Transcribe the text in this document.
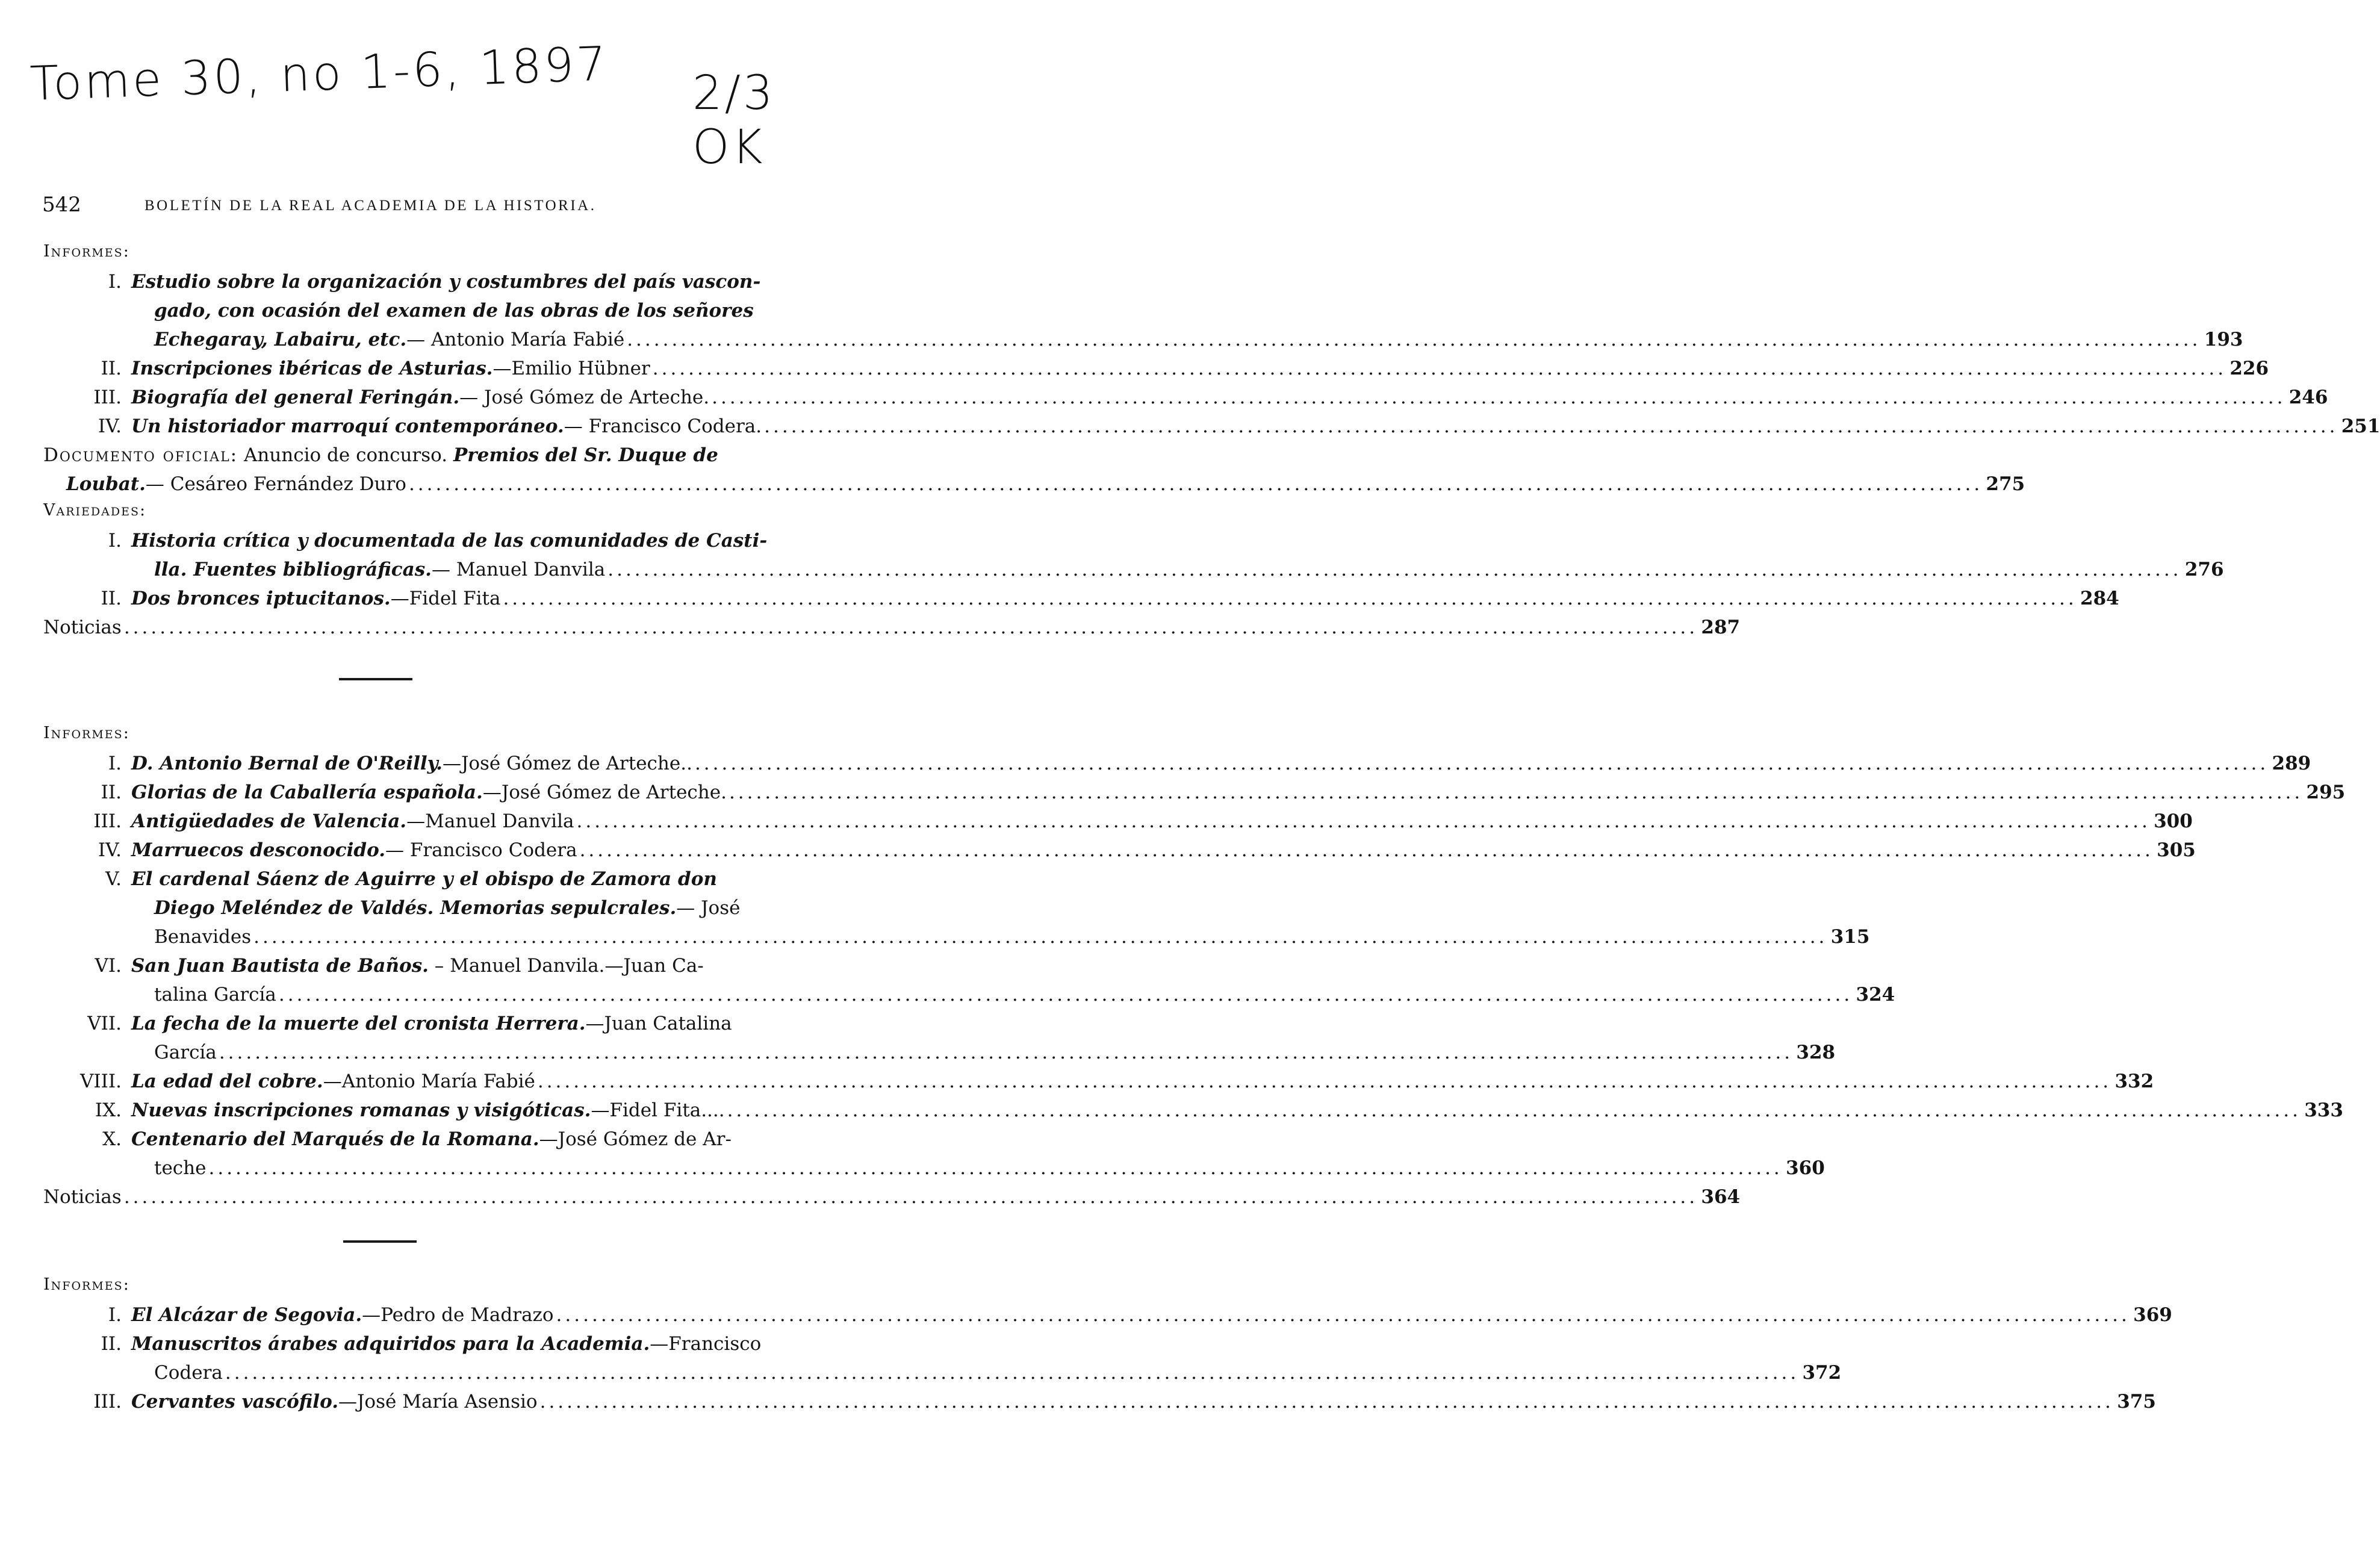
Tome 30, no 1-6, 1897 2/3 OK
542	BOLETÍN DE LA REAL ACADEMIA DE LA HISTORIA.
Informes:
I. Estudio sobre la organización y costumbres del país vascon-
gado, con ocasión del examen de las obras de los señores
Echegaray, Labairu, etc.— Antonio María Fabié .....	193
II. Inscripciones ibéricas de Asturias.—Emilio Hübner .....	226
III. Biografía del general Feringán.— José Gómez de Arteche. .....	246
IV. Un historiador marroquí contemporáneo.— Francisco Codera. .....	251
Documento oficial: Anuncio de concurso. Premios del Sr. Duque de
Loubat.— Cesáreo Fernández Duro .....	275
Variedades:
I. Historia crítica y documentada de las comunidades de Casti-
lla. Fuentes bibliográficas.— Manuel Danvila .....	276
II. Dos bronces iptucitanos.—Fidel Fita .....	284
Noticias .....	287
Informes:
I. D. Antonio Bernal de O'Reilly.—José Gómez de Arteche.. .....	289
II. Glorias de la Caballería española.—José Gómez de Arteche. .....	295
III. Antigüedades de Valencia.—Manuel Danvila .....	300
IV. Marruecos desconocido.— Francisco Codera .....	305
V. El cardenal Sáenz de Aguirre y el obispo de Zamora don
Diego Meléndez de Valdés. Memorias sepulcrales.— José
Benavides .....	315
VI. San Juan Bautista de Baños. – Manuel Danvila.—Juan Ca-
talina García .....	324
VII. La fecha de la muerte del cronista Herrera.—Juan Catalina
García .....	328
VIII. La edad del cobre.—Antonio María Fabié .....	332
IX. Nuevas inscripciones romanas y visigóticas.—Fidel Fita.... .....	333
X. Centenario del Marqués de la Romana.—José Gómez de Ar-
teche .....	360
Noticias .....	364
Informes:
I. El Alcázar de Segovia.—Pedro de Madrazo .....	369
II. Manuscritos árabes adquiridos para la Academia.—Francisco
Codera .....	372
III. Cervantes vascófilo.—José María Asensio .....	375
